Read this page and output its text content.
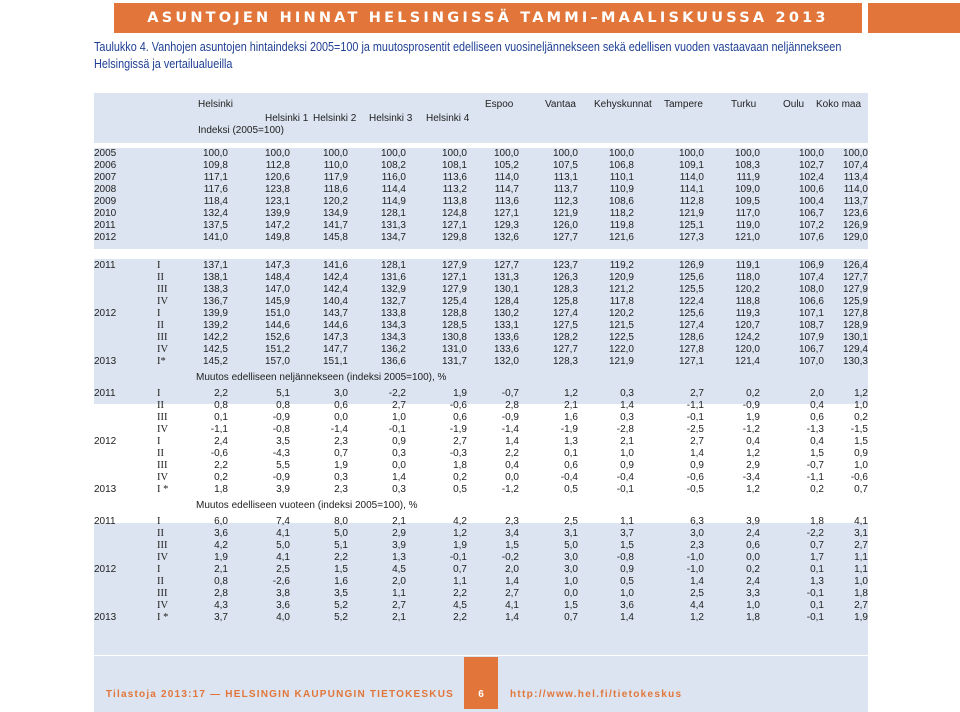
ASUNTOJEN HINNAT HELSINGISSÄ TAMMI–MAALISKUUSSA 2013
Taulukko 4. Vanhojen asuntojen hintaindeksi 2005=100 ja muutosprosentit edelliseen vuosineljännekseen sekä edellisen vuoden vastaavaan neljännekseen Helsingissä ja vertailualueilla
Helsinki
Helsinki 1 Helsinki 2 Helsinki 3 Helsinki 4
Espoo	Vantaa Kehyskunnat Tampere	Turku	Oulu Koko maa
Indeksi (2005=100)
2005	100,0	100,0	100,0	100,0	100,0	100,0	100,0	100,0	100,0	100,0	100,0	100,0
2006	109,8	112,8	110,0	108,2	108,1	105,2	107,5	106,8	109,1	108,3	102,7	107,4
2007	117,1	120,6	117,9	116,0	113,6	114,0	113,1	110,1	114,0	111,9	102,4	113,4
2008	117,6	123,8	118,6	114,4	113,2	114,7	113,7	110,9	114,1	109,0	100,6	114,0
2009	118,4	123,1	120,2	114,9	113,8	113,6	112,3	108,6	112,8	109,5	100,4	113,7
2010	132,4	139,9	134,9	128,1	124,8	127,1	121,9	118,2	121,9	117,0	106,7	123,6
2011	137,5	147,2	141,7	131,3	127,1	129,3	126,0	119,8	125,1	119,0	107,2	126,9
2012	141,0	149,8	145,8	134,7	129,8	132,6	127,7	121,6	127,3	121,0	107,6	129,0
2011	I	137,1	147,3	141,6	128,1	127,9	127,7	123,7	119,2	126,9	119,1	106,9	126,4
II	138,1	148,4	142,4	131,6	127,1	131,3	126,3	120,9	125,6	118,0	107,4	127,7
III	138,3	147,0	142,4	132,9	127,9	130,1	128,3	121,2	125,5	120,2	108,0	127,9
IV	136,7	145,9	140,4	132,7	125,4	128,4	125,8	117,8	122,4	118,8	106,6	125,9
2012	I	139,9	151,0	143,7	133,8	128,8	130,2	127,4	120,2	125,6	119,3	107,1	127,8
II	139,2	144,6	144,6	134,3	128,5	133,1	127,5	121,5	127,4	120,7	108,7	128,9
III	142,2	152,6	147,3	134,3	130,8	133,6	128,2	122,5	128,6	124,2	107,9	130,1
IV	142,5	151,2	147,7	136,2	131,0	133,6	127,7	122,0	127,8	120,0	106,7	129,4
2013	I*	145,2	157,0	151,1	136,6	131,7	132,0	128,3	121,9	127,1	121,4	107,0	130,3
Muutos edelliseen neljännekseen (indeksi 2005=100), %
2011	I	2,2	5,1	3,0	-2,2	1,9	-0,7	1,2	0,3	2,7	0,2	2,0	1,2
II	0,8	0,8	0,6	2,7	-0,6	2,8	2,1	1,4	-1,1	-0,9	0,4	1,0
III	0,1	-0,9	0,0	1,0	0,6	-0,9	1,6	0,3	-0,1	1,9	0,6	0,2
IV	-1,1	-0,8	-1,4	-0,1	-1,9	-1,4	-1,9	-2,8	-2,5	-1,2	-1,3	-1,5
2012	I	2,4	3,5	2,3	0,9	2,7	1,4	1,3	2,1	2,7	0,4	0,4	1,5
II	-0,6	-4,3	0,7	0,3	-0,3	2,2	0,1	1,0	1,4	1,2	1,5	0,9
III	2,2	5,5	1,9	0,0	1,8	0,4	0,6	0,9	0,9	2,9	-0,7	1,0
IV	0,2	-0,9	0,3	1,4	0,2	0,0	-0,4	-0,4	-0,6	-3,4	-1,1	-0,6
2013	I *	1,8	3,9	2,3	0,3	0,5	-1,2	0,5	-0,1	-0,5	1,2	0,2	0,7
Muutos edelliseen vuoteen (indeksi 2005=100), %
2011	I	6,0	7,4	8,0	2,1	4,2	2,3	2,5	1,1	6,3	3,9	1,8	4,1
II	3,6	4,1	5,0	2,9	1,2	3,4	3,1	3,7	3,0	2,4	-2,2	3,1
III	4,2	5,0	5,1	3,9	1,9	1,5	5,0	1,5	2,3	0,6	0,7	2,7
IV	1,9	4,1	2,2	1,3	-0,1	-0,2	3,0	-0,8	-1,0	0,0	1,7	1,1
2012	I	2,1	2,5	1,5	4,5	0,7	2,0	3,0	0,9	-1,0	0,2	0,1	1,1
II	0,8	-2,6	1,6	2,0	1,1	1,4	1,0	0,5	1,4	2,4	1,3	1,0
III	2,8	3,8	3,5	1,1	2,2	2,7	0,0	1,0	2,5	3,3	-0,1	1,8
IV	4,3	3,6	5,2	2,7	4,5	4,1	1,5	3,6	4,4	1,0	0,1	2,7
2013	I *	3,7	4,0	5,2	2,1	2,2	1,4	0,7	1,4	1,2	1,8	-0,1	1,9
Tilastoja 2013:17 — HELSINGIN KAUPUNGIN TIETOKESKUS	6	http://www.hel.fi/tietokeskus
